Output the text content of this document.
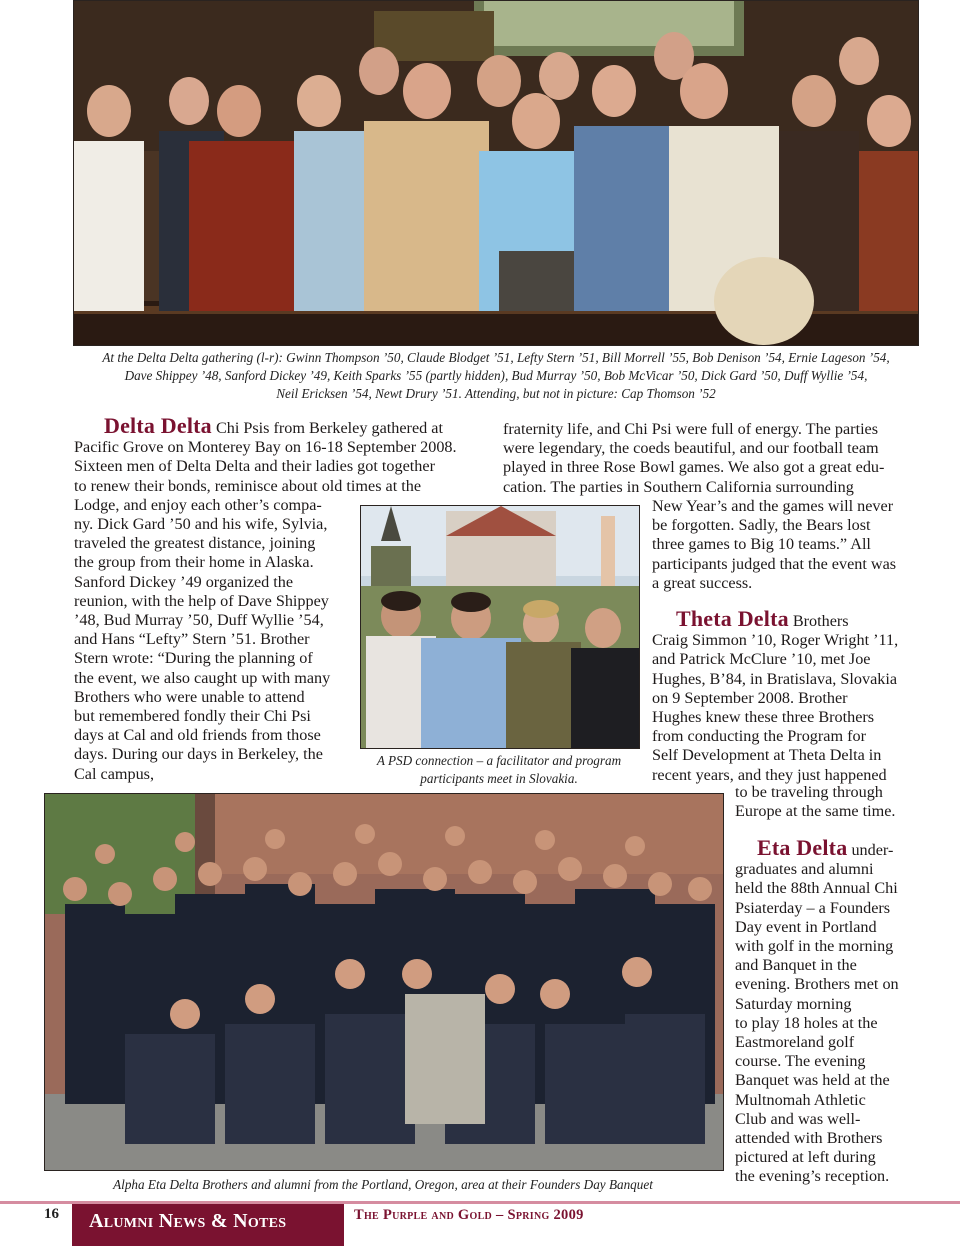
At the Delta Delta gathering (l-r): Gwinn Thompson ’50, Claude Blodget ’51, Lefty Stern ’51, Bill Morrell ’55, Bob Denison ’54, Ernie Lageson ’54,
Dave Shippey ’48, Sanford Dickey ’49, Keith Sparks ’55 (partly hidden), Bud Murray ’50, Bob McVicar ’50, Dick Gard ’50, Duff Wyllie ’54,
Neil Ericksen ’54, Newt Drury ’51. Attending, but not in picture: Cap Thomson ’52
Delta Delta Chi Psis from Berkeley gathered at
Pacific Grove on Monterey Bay on 16-18 September 2008.
Sixteen men of Delta Delta and their ladies got together
to renew their bonds, reminisce about old times at the
Lodge, and enjoy each other’s compa-
ny. Dick Gard ’50 and his wife, Sylvia,
traveled the greatest distance, joining
the group from their home in Alaska.
Sanford Dickey ’49 organized the
reunion, with the help of Dave Shippey
’48, Bud Murray ’50, Duff Wyllie ’54,
and Hans “Lefty” Stern ’51. Brother
Stern wrote: “During the planning of
the event, we also caught up with many
Brothers who were unable to attend
but remembered fondly their Chi Psi
days at Cal and old friends from those
days. During our days in Berkeley, the
Cal campus,
fraternity life, and Chi Psi were full of energy. The parties
were legendary, the coeds beautiful, and our football team
played in three Rose Bowl games. We also got a great edu-
cation. The parties in Southern California surrounding
New Year’s and the games will never
be forgotten. Sadly, the Bears lost
three games to Big 10 teams.” All
participants judged that the event was
a great success.
A PSD connection – a facilitator and program
participants meet in Slovakia.
Theta Delta Brothers
Craig Simmon ’10, Roger Wright ’11,
and Patrick McClure ’10, met Joe
Hughes, B’84, in Bratislava, Slovakia
on 9 September 2008. Brother
Hughes knew these three Brothers
from conducting the Program for
Self Development at Theta Delta in
recent years, and they just happened
to be traveling through
Europe at the same time.
Eta Delta under-
graduates and alumni
held the 88th Annual Chi
Psiaterday – a Founders
Day event in Portland
with golf in the morning
and Banquet in the
evening. Brothers met on
Saturday morning
to play 18 holes at the
Eastmoreland golf
course. The evening
Banquet was held at the
Multnomah Athletic
Club and was well-
attended with Brothers
pictured at left during
the evening’s reception.
Alpha Eta Delta Brothers and alumni from the Portland, Oregon, area at their Founders Day Banquet
16	Alumni News & Notes	The Purple and Gold – Spring 2009
